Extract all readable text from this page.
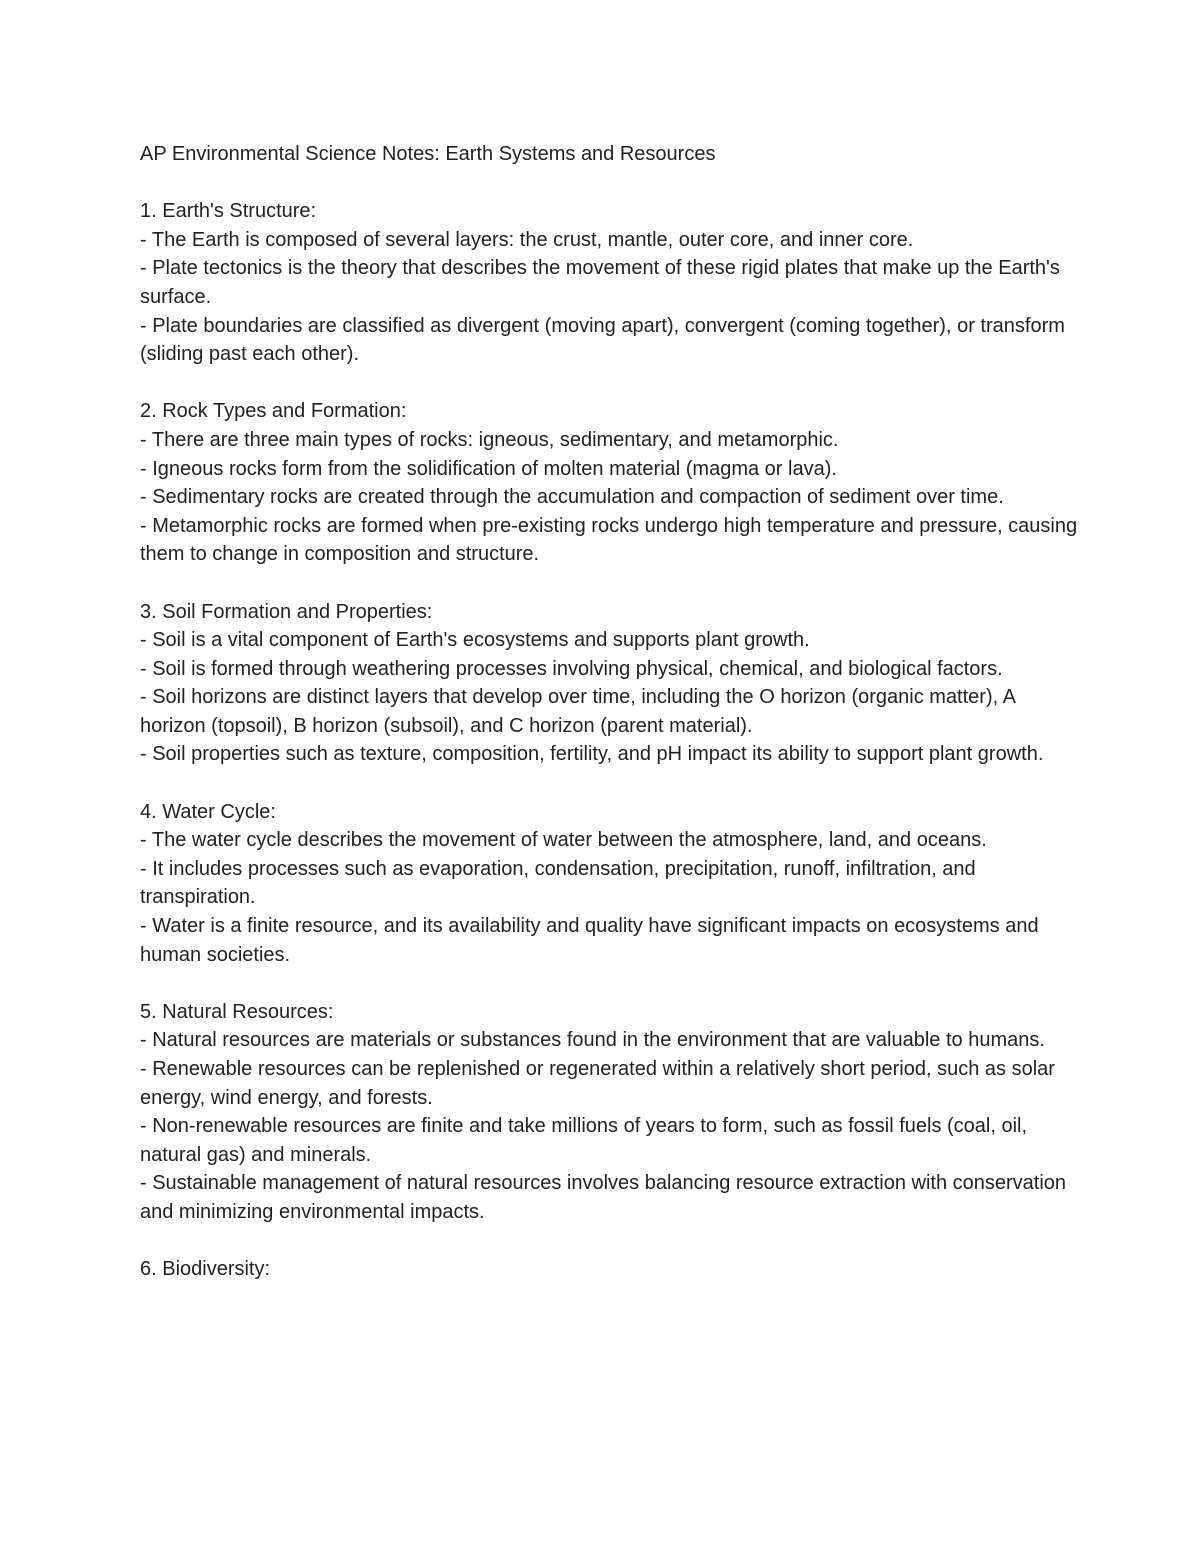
AP Environmental Science Notes: Earth Systems and Resources
1. Earth's Structure:
- The Earth is composed of several layers: the crust, mantle, outer core, and inner core.
- Plate tectonics is the theory that describes the movement of these rigid plates that make up the Earth's surface.
- Plate boundaries are classified as divergent (moving apart), convergent (coming together), or transform (sliding past each other).
2. Rock Types and Formation:
- There are three main types of rocks: igneous, sedimentary, and metamorphic.
- Igneous rocks form from the solidification of molten material (magma or lava).
- Sedimentary rocks are created through the accumulation and compaction of sediment over time.
- Metamorphic rocks are formed when pre-existing rocks undergo high temperature and pressure, causing them to change in composition and structure.
3. Soil Formation and Properties:
- Soil is a vital component of Earth's ecosystems and supports plant growth.
- Soil is formed through weathering processes involving physical, chemical, and biological factors.
- Soil horizons are distinct layers that develop over time, including the O horizon (organic matter), A horizon (topsoil), B horizon (subsoil), and C horizon (parent material).
- Soil properties such as texture, composition, fertility, and pH impact its ability to support plant growth.
4. Water Cycle:
- The water cycle describes the movement of water between the atmosphere, land, and oceans.
- It includes processes such as evaporation, condensation, precipitation, runoff, infiltration, and transpiration.
- Water is a finite resource, and its availability and quality have significant impacts on ecosystems and human societies.
5. Natural Resources:
- Natural resources are materials or substances found in the environment that are valuable to humans.
- Renewable resources can be replenished or regenerated within a relatively short period, such as solar energy, wind energy, and forests.
- Non-renewable resources are finite and take millions of years to form, such as fossil fuels (coal, oil, natural gas) and minerals.
- Sustainable management of natural resources involves balancing resource extraction with conservation and minimizing environmental impacts.
6. Biodiversity:
